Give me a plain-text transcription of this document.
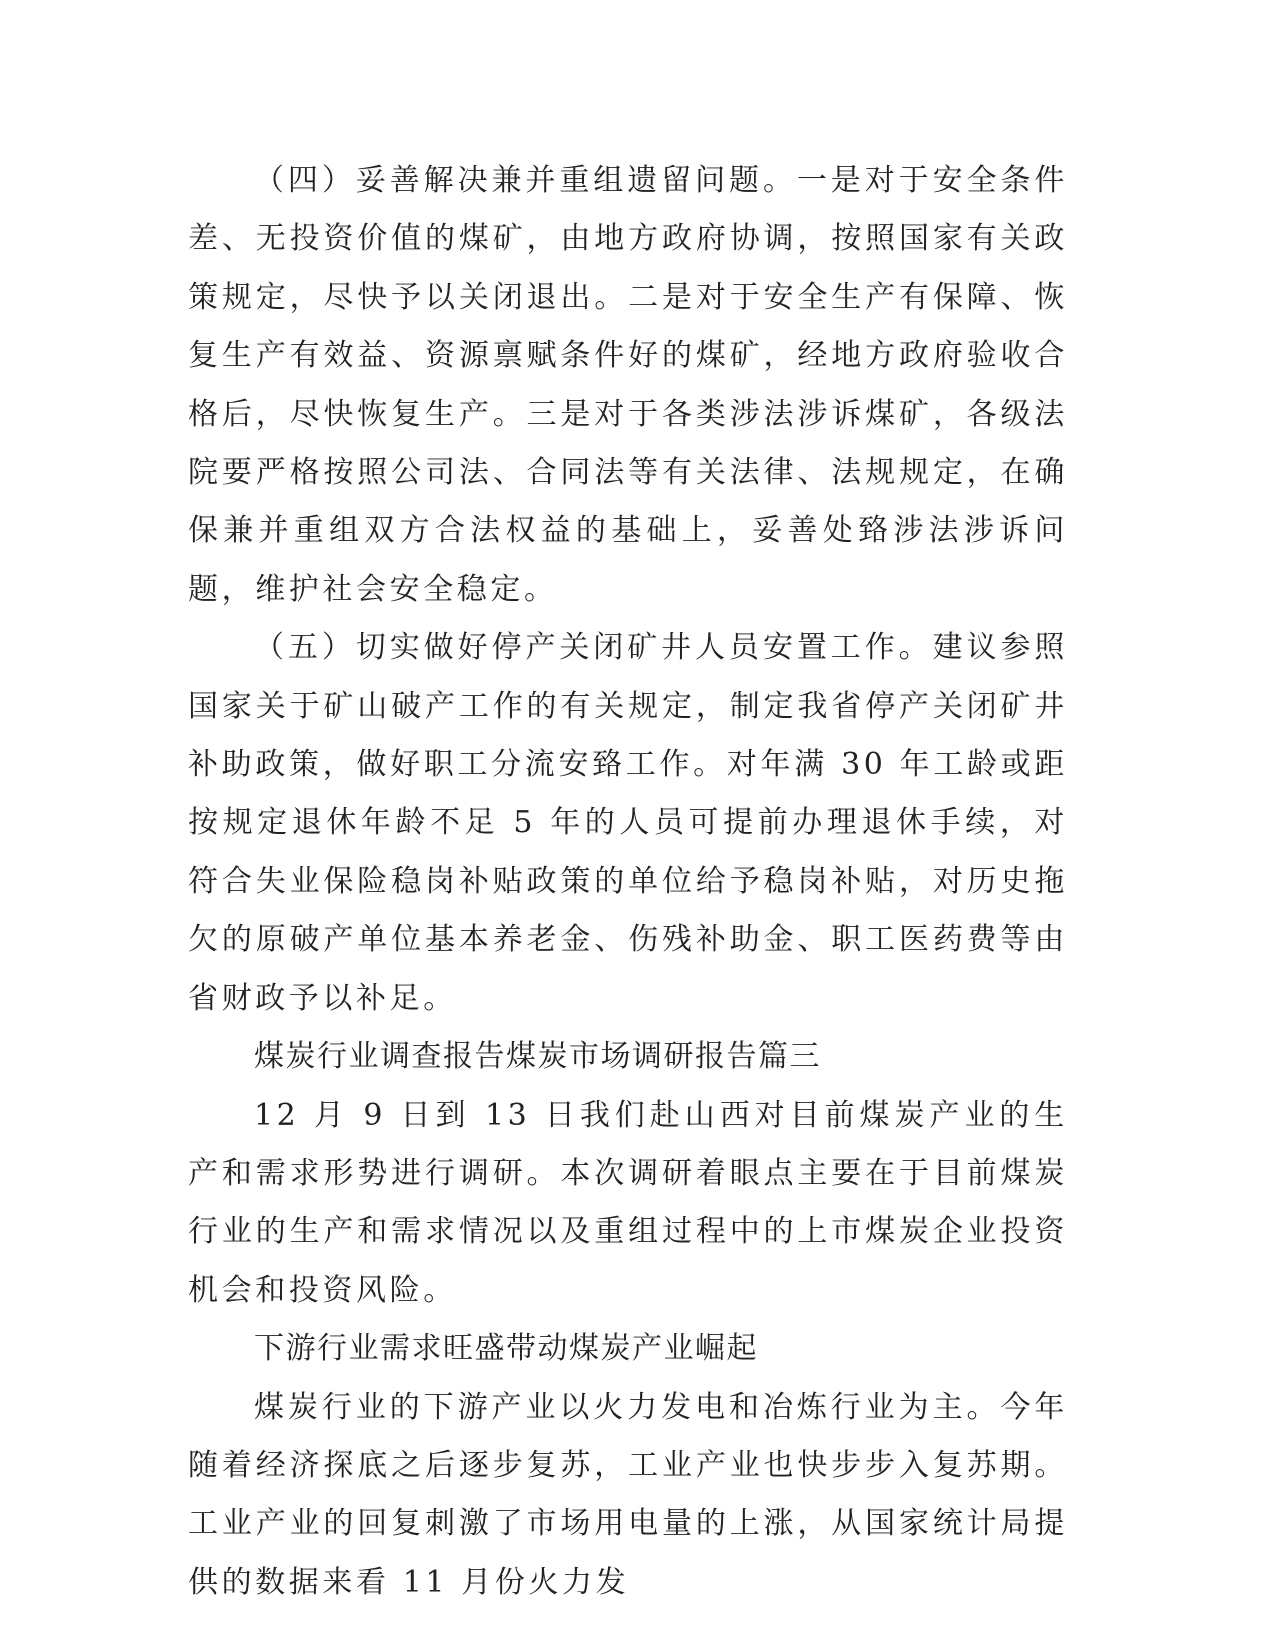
（四）妥善解决兼并重组遗留问题。一是对于安全条件差、无投资价值的煤矿，由地方政府协调，按照国家有关政策规定，尽快予以关闭退出。二是对于安全生产有保障、恢复生产有效益、资源禀赋条件好的煤矿，经地方政府验收合格后，尽快恢复生产。三是对于各类涉法涉诉煤矿，各级法院要严格按照公司法、合同法等有关法律、法规规定，在确保兼并重组双方合法权益的基础上，妥善处臵涉法涉诉问题，维护社会安全稳定。

（五）切实做好停产关闭矿井人员安置工作。建议参照国家关于矿山破产工作的有关规定，制定我省停产关闭矿井补助政策，做好职工分流安臵工作。对年满 30 年工龄或距按规定退休年龄不足 5 年的人员可提前办理退休手续，对符合失业保险稳岗补贴政策的单位给予稳岗补贴，对历史拖欠的原破产单位基本养老金、伤残补助金、职工医药费等由省财政予以补足。

煤炭行业调查报告煤炭市场调研报告篇三

12 月 9 日到 13 日我们赴山西对目前煤炭产业的生产和需求形势进行调研。本次调研着眼点主要在于目前煤炭行业的生产和需求情况以及重组过程中的上市煤炭企业投资机会和投资风险。

下游行业需求旺盛带动煤炭产业崛起

煤炭行业的下游产业以火力发电和冶炼行业为主。今年随着经济探底之后逐步复苏，工业产业也快步步入复苏期。工业产业的回复刺激了市场用电量的上涨，从国家统计局提供的数据来看 11 月份火力发
